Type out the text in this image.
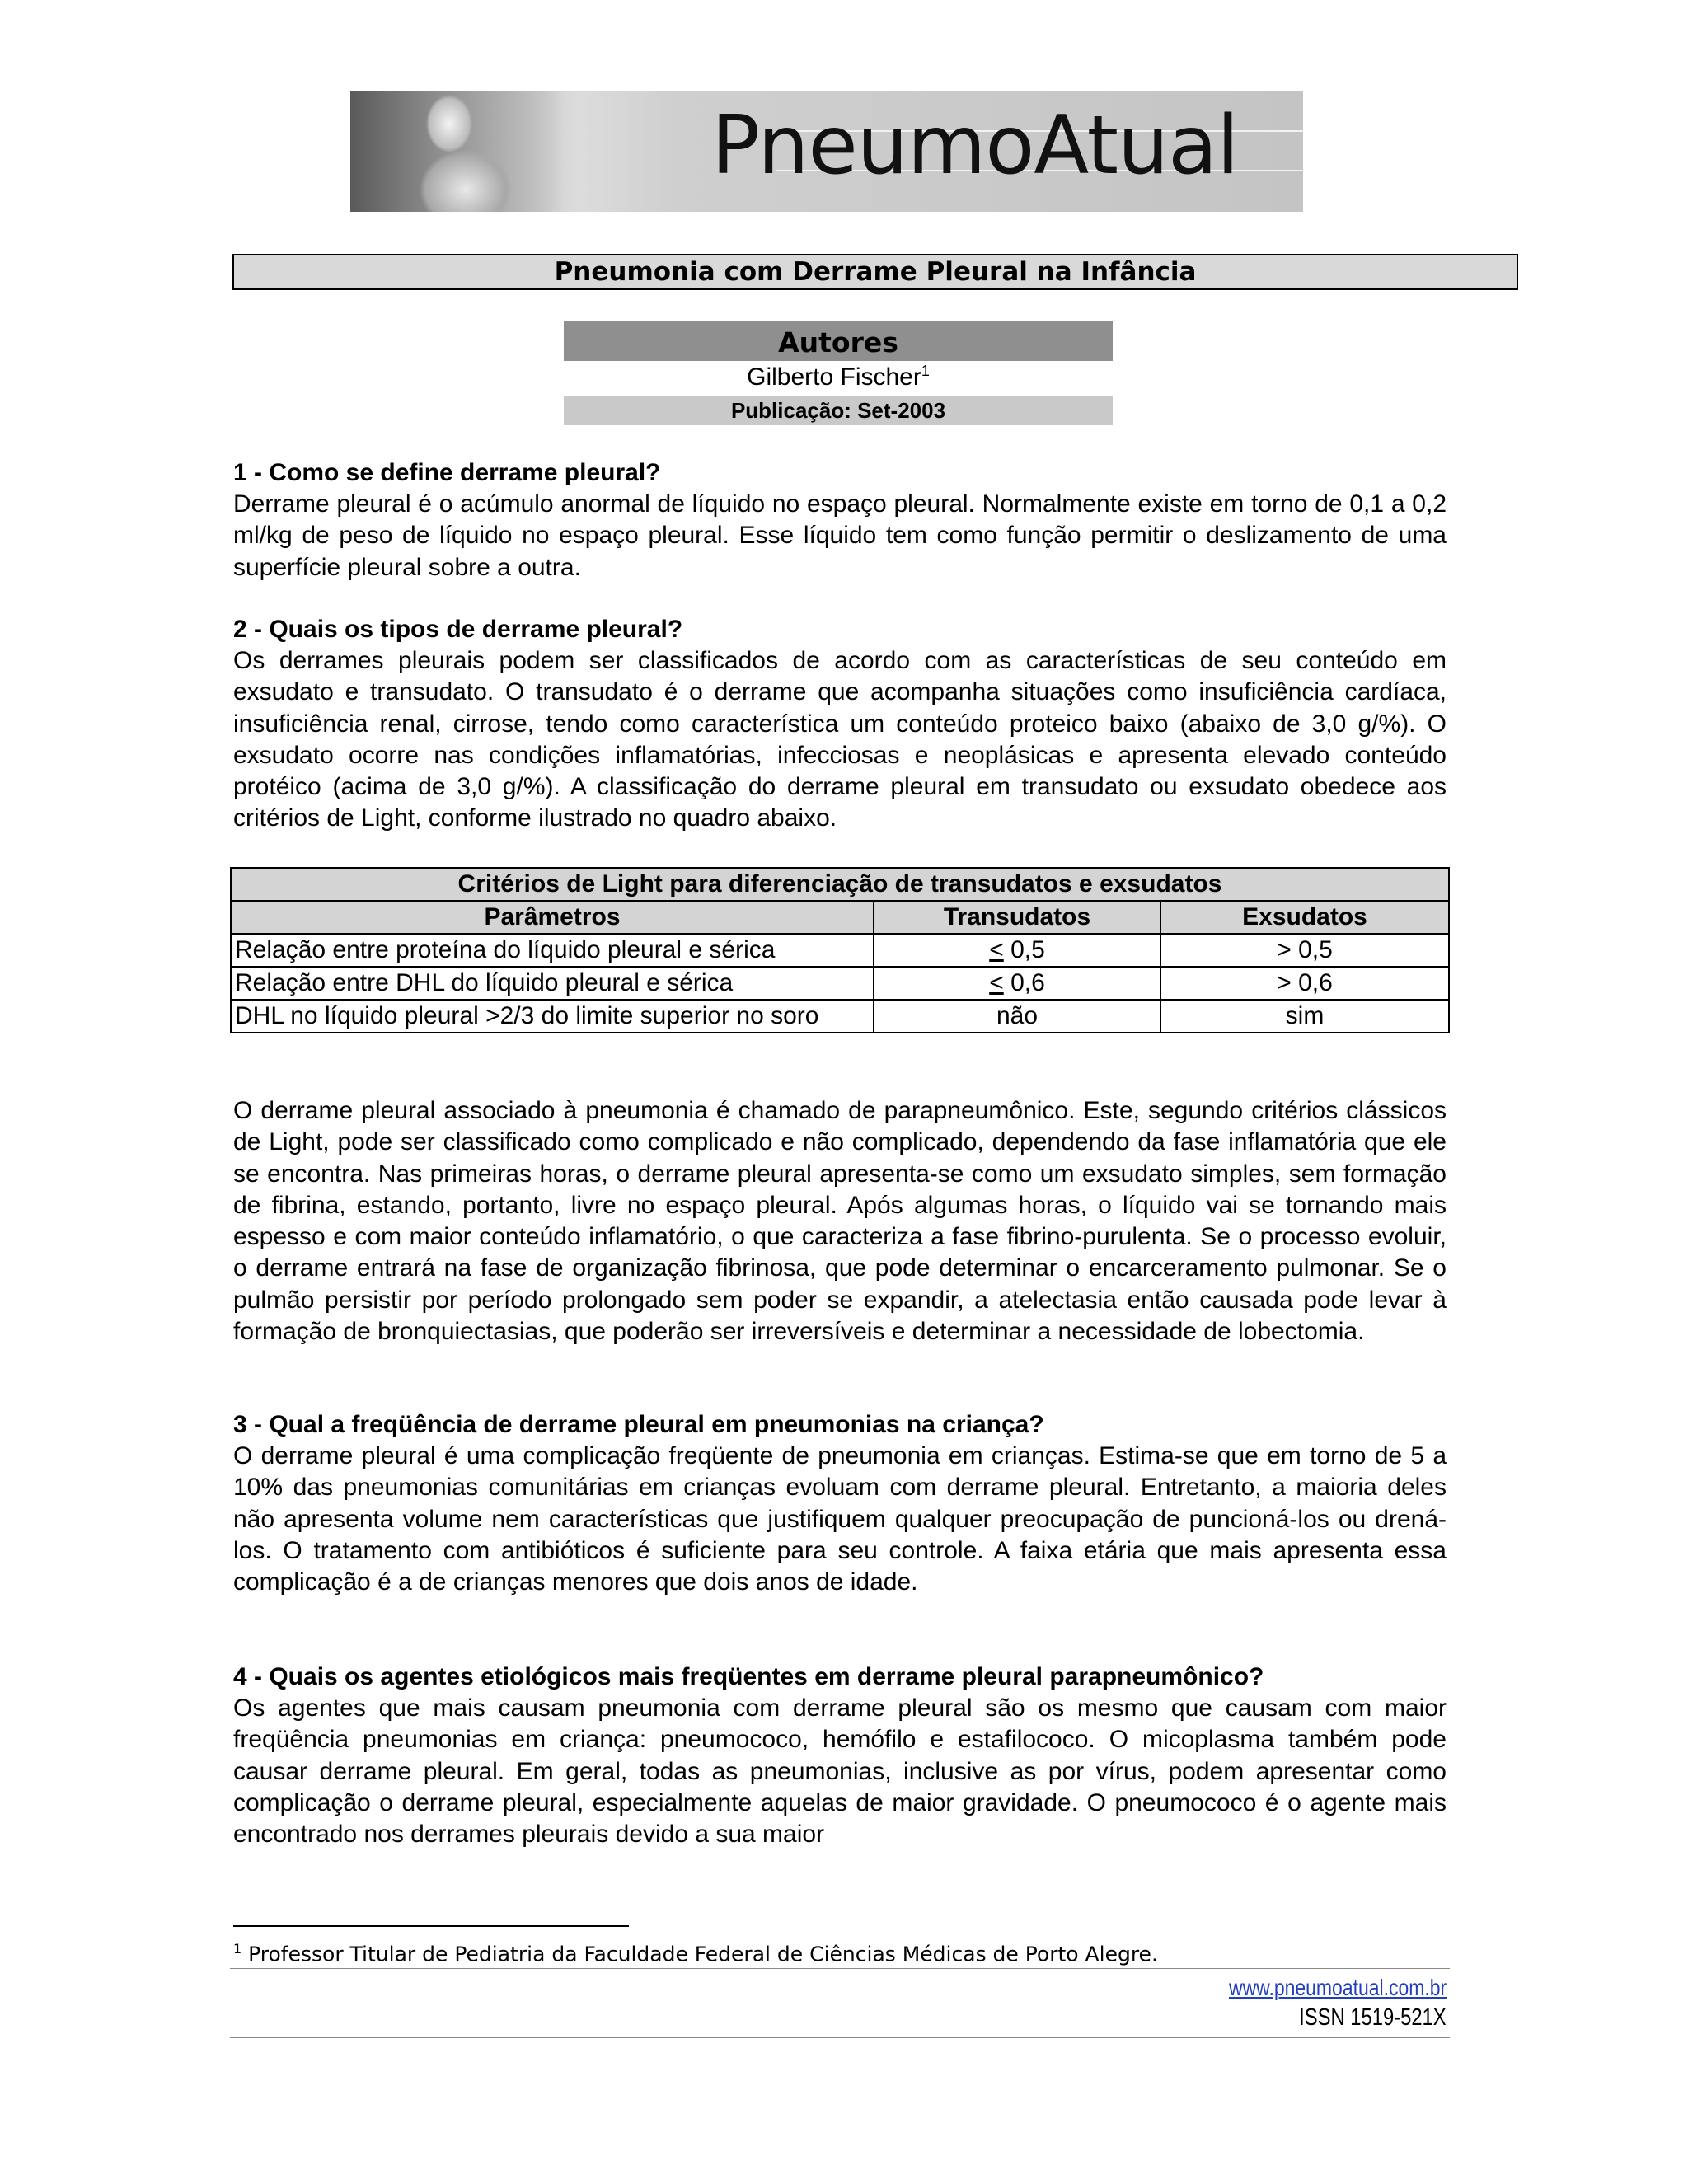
PneumoAtual
Pneumonia com Derrame Pleural na Infância
Autores
Gilberto Fischer$^1$
Publicação: Set-2003
1 - Como se define derrame pleural?
Derrame pleural é o acúmulo anormal de líquido no espaço pleural. Normalmente existe em torno de 0,1 a 0,2 ml/kg de peso de líquido no espaço pleural. Esse líquido tem como função permitir o deslizamento de uma superfície pleural sobre a outra.
2 - Quais os tipos de derrame pleural?
Os derrames pleurais podem ser classificados de acordo com as características de seu conteúdo em exsudato e transudato. O transudato é o derrame que acompanha situações como insuficiência cardíaca, insuficiência renal, cirrose, tendo como característica um conteúdo proteico baixo (abaixo de 3,0 g/%). O exsudato ocorre nas condições inflamatórias, infecciosas e neoplásicas e apresenta elevado conteúdo protéico (acima de 3,0 g/%). A classificação do derrame pleural em transudato ou exsudato obedece aos critérios de Light, conforme ilustrado no quadro abaixo.
Critérios de Light para diferenciação de transudatos e exsudatos		
Parâmetros	Transudatos	Exsudatos
Relação entre proteína do líquido pleural e sérica	< 0,5	> 0,5
Relação entre DHL do líquido pleural e sérica	< 0,6	> 0,6
DHL no líquido pleural >2/3 do limite superior no soro	não	sim
O derrame pleural associado à pneumonia é chamado de parapneumônico. Este, segundo critérios clássicos de Light, pode ser classificado como complicado e não complicado, dependendo da fase inflamatória que ele se encontra. Nas primeiras horas, o derrame pleural apresenta-se como um exsudato simples, sem formação de fibrina, estando, portanto, livre no espaço pleural. Após algumas horas, o líquido vai se tornando mais espesso e com maior conteúdo inflamatório, o que caracteriza a fase fibrino-purulenta. Se o processo evoluir, o derrame entrará na fase de organização fibrinosa, que pode determinar o encarceramento pulmonar. Se o pulmão persistir por período prolongado sem poder se expandir, a atelectasia então causada pode levar à formação de bronquiectasias, que poderão ser irreversíveis e determinar a necessidade de lobectomia.
3 - Qual a freqüência de derrame pleural em pneumonias na criança?
O derrame pleural é uma complicação freqüente de pneumonia em crianças. Estima-se que em torno de 5 a 10% das pneumonias comunitárias em crianças evoluam com derrame pleural. Entretanto, a maioria deles não apresenta volume nem características que justifiquem qualquer preocupação de puncioná-los ou drená-los. O tratamento com antibióticos é suficiente para seu controle. A faixa etária que mais apresenta essa complicação é a de crianças menores que dois anos de idade.
4 - Quais os agentes etiológicos mais freqüentes em derrame pleural parapneumônico?
Os agentes que mais causam pneumonia com derrame pleural são os mesmo que causam com maior freqüência pneumonias em criança: pneumococo, hemófilo e estafilococo. O micoplasma também pode causar derrame pleural. Em geral, todas as pneumonias, inclusive as por vírus, podem apresentar como complicação o derrame pleural, especialmente aquelas de maior gravidade. O pneumococo é o agente mais encontrado nos derrames pleurais devido a sua maior
$^1$ Professor Titular de Pediatria da Faculdade Federal de Ciências Médicas de Porto Alegre.
www.pneumoatual.com.br
ISSN 1519-521X
